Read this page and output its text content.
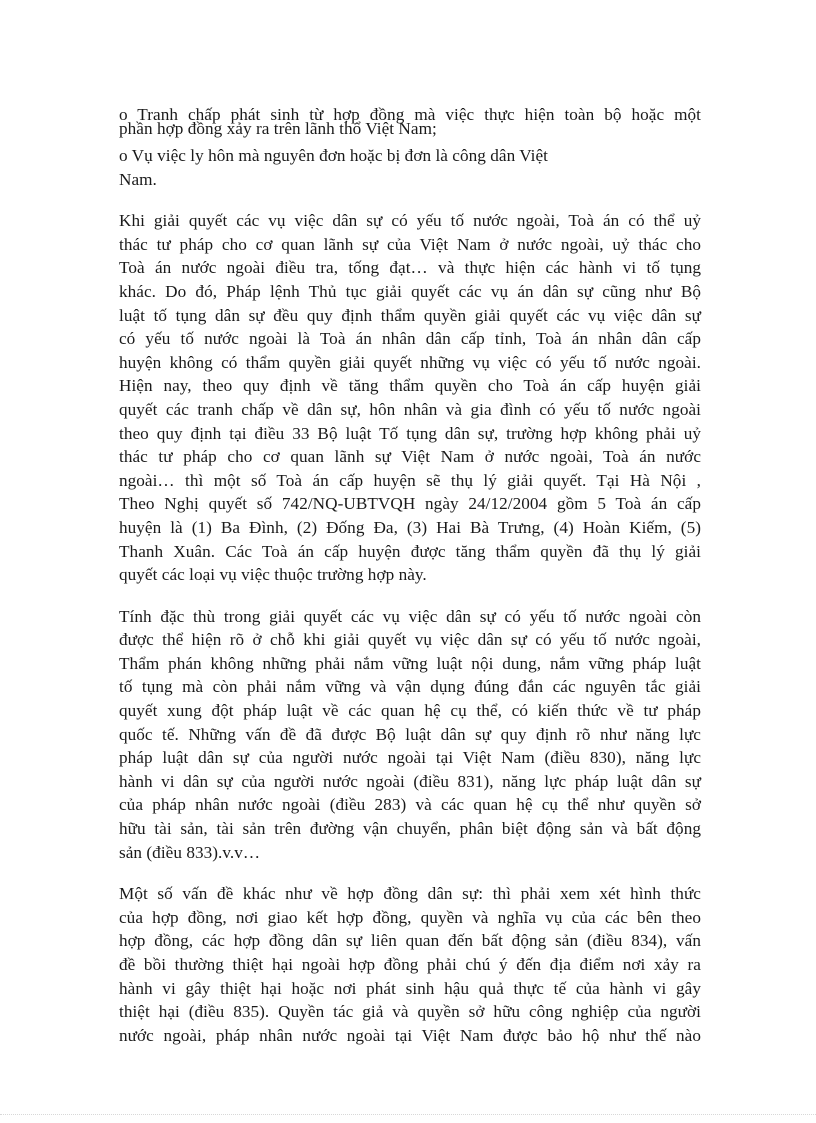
o Tranh chấp phát sinh từ hợp đồng mà việc thực hiện toàn bộ hoặc một
phần hợp đồng xảy ra trên lãnh thổ Việt Nam;
o Vụ việc ly hôn mà nguyên đơn hoặc bị đơn là công dân Việt
Nam.
Khi giải quyết các vụ việc dân sự có yếu tố nước ngoài, Toà án có thể uỷ
thác tư pháp cho cơ quan lãnh sự của Việt Nam ở nước ngoài, uỷ thác cho
Toà án nước ngoài điều tra, tống đạt… và thực hiện các hành vi tố tụng
khác. Do đó, Pháp lệnh Thủ tục giải quyết các vụ án dân sự cũng như Bộ
luật tố tụng dân sự đều quy định thẩm quyền giải quyết các vụ việc dân sự
có yếu tố nước ngoài là Toà án nhân dân cấp tỉnh, Toà án nhân dân cấp
huyện không có thẩm quyền giải quyết những vụ việc có yếu tố nước ngoài.
Hiện nay, theo quy định về tăng thẩm quyền cho Toà án cấp huyện giải
quyết các tranh chấp về dân sự, hôn nhân và gia đình có yếu tố nước ngoài
theo quy định tại điều 33 Bộ luật Tố tụng dân sự, trường hợp không phải uỷ
thác tư pháp cho cơ quan lãnh sự Việt Nam ở nước ngoài, Toà án nước
ngoài… thì một số Toà án cấp huyện sẽ thụ lý giải quyết. Tại Hà Nội ,
Theo Nghị quyết số 742/NQ-UBTVQH ngày 24/12/2004 gồm 5 Toà án cấp
huyện là (1) Ba Đình, (2) Đống Đa, (3) Hai Bà Trưng, (4) Hoàn Kiếm, (5)
Thanh Xuân. Các Toà án cấp huyện được tăng thẩm quyền đã thụ lý giải
quyết các loại vụ việc thuộc trường hợp này.
Tính đặc thù trong giải quyết các vụ việc dân sự có yếu tố nước ngoài còn
được thể hiện rõ ở chỗ khi giải quyết vụ việc dân sự có yếu tố nước ngoài,
Thẩm phán không những phải nắm vững luật nội dung, nắm vững pháp luật
tố tụng mà còn phải nắm vững và vận dụng đúng đắn các nguyên tắc giải
quyết xung đột pháp luật về các quan hệ cụ thể, có kiến thức về tư pháp
quốc tế. Những vấn đề đã được Bộ luật dân sự quy định rõ như năng lực
pháp luật dân sự của người nước ngoài tại Việt Nam (điều 830), năng lực
hành vi dân sự của người nước ngoài (điều 831), năng lực pháp luật dân sự
của pháp nhân nước ngoài (điều 283) và các quan hệ cụ thể như quyền sở
hữu tài sản, tài sản trên đường vận chuyển, phân biệt động sản và bất động
sản (điều 833).v.v…
Một số vấn đề khác như về hợp đồng dân sự: thì phải xem xét hình thức
của hợp đồng, nơi giao kết hợp đồng, quyền và nghĩa vụ của các bên theo
hợp đồng, các hợp đồng dân sự liên quan đến bất động sản (điều 834), vấn
đề bồi thường thiệt hại ngoài hợp đồng phải chú ý đến địa điểm nơi xảy ra
hành vi gây thiệt hại hoặc nơi phát sinh hậu quả thực tế của hành vi gây
thiệt hại (điều 835). Quyền tác giả và quyền sở hữu công nghiệp của người
nước ngoài, pháp nhân nước ngoài tại Việt Nam được bảo hộ như thế nào
